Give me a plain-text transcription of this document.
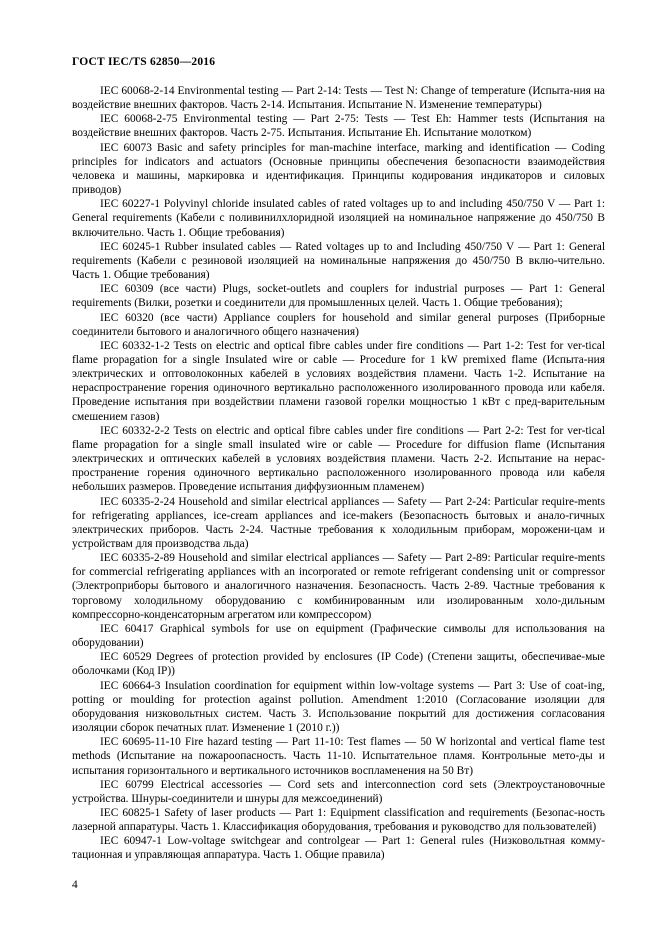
ГОСТ IEC/TS 62850—2016

IEC 60068-2-14 Environmental testing — Part 2-14: Tests — Test N: Change of temperature (Испыта-ния на воздействие внешних факторов. Часть 2-14. Испытания. Испытание N. Изменение температуры)

IEC 60068-2-75 Environmental testing — Part 2-75: Tests — Test Eh: Hammer tests (Испытания на воздействие внешних факторов. Часть 2-75. Испытания. Испытание Eh. Испытание молотком)

IEC 60073 Basic and safety principles for man-machine interface, marking and identification — Coding principles for indicators and actuators (Основные принципы обеспечения безопасности взаимодействия человека и машины, маркировка и идентификация. Принципы кодирования индикаторов и силовых приводов)

IEC 60227-1 Polyvinyl chloride insulated cables of rated voltages up to and including 450/750 V — Part 1: General requirements (Кабели с поливинилхлоридной изоляцией на номинальное напряжение до 450/750 В включительно. Часть 1. Общие требования)

IEC 60245-1 Rubber insulated cables — Rated voltages up to and Including 450/750 V — Part 1: General requirements (Кабели с резиновой изоляцией на номинальные напряжения до 450/750 В вклю-чительно. Часть 1. Общие требования)

IEC 60309 (все части) Plugs, socket-outlets and couplers for industrial purposes — Part 1: General requirements (Вилки, розетки и соединители для промышленных целей. Часть 1. Общие требования);

IEC 60320 (все части) Appliance couplers for household and similar general purposes (Приборные соединители бытового и аналогичного общего назначения)

IEC 60332-1-2 Tests on electric and optical fibre cables under fire conditions — Part 1-2: Test for ver-tical flame propagation for a single Insulated wire or cable — Procedure for 1 kW premixed flame (Испыта-ния электрических и оптоволоконных кабелей в условиях воздействия пламени. Часть 1-2. Испытание на нераспространение горения одиночного вертикально расположенного изолированного провода или кабеля. Проведение испытания при воздействии пламени газовой горелки мощностью 1 кВт с пред-варительным смешением газов)

IEC 60332-2-2 Tests on electric and optical fibre cables under fire conditions — Part 2-2: Test for ver-tical flame propagation for a single small insulated wire or cable — Procedure for diffusion flame (Испытания электрических и оптических кабелей в условиях воздействия пламени. Часть 2-2. Испытание на нерас-пространение горения одиночного вертикально расположенного изолированного провода или кабеля небольших размеров. Проведение испытания диффузионным пламенем)

IEC 60335-2-24 Household and similar electrical appliances — Safety — Part 2-24: Particular require-ments for refrigerating appliances, ice-cream appliances and ice-makers (Безопасность бытовых и анало-гичных электрических приборов. Часть 2-24. Частные требования к холодильным приборам, морожени-цам и устройствам для производства льда)

IEC 60335-2-89 Household and similar electrical appliances — Safety — Part 2-89: Particular require-ments for commercial refrigerating appliances with an incorporated or remote refrigerant condensing unit or compressor (Электроприборы бытового и аналогичного назначения. Безопасность. Часть 2-89. Частные требования к торговому холодильному оборудованию с комбинированным или изолированным холо-дильным компрессорно-конденсаторным агрегатом или компрессором)

IEC 60417 Graphical symbols for use on equipment (Графические символы для использования на оборудовании)

IEC 60529 Degrees of protection provided by enclosures (IP Code) (Степени защиты, обеспечивае-мые оболочками (Код IP))

IEC 60664-3 Insulation coordination for equipment within low-voltage systems — Part 3: Use of coat-ing, potting or moulding for protection against pollution. Amendment 1:2010 (Согласование изоляции для оборудования низковольтных систем. Часть 3. Использование покрытий для достижения согласования изоляции сборок печатных плат. Изменение 1 (2010 г.))

IEC 60695-11-10 Fire hazard testing — Part 11-10: Test flames — 50 W horizontal and vertical flame test methods (Испытание на пожароопасность. Часть 11-10. Испытательное пламя. Контрольные мето-ды и испытания горизонтального и вертикального источников воспламенения на 50 Вт)

IEC 60799 Electrical accessories — Cord sets and interconnection cord sets (Электроустановочные устройства. Шнуры-соединители и шнуры для межсоединений)

IEC 60825-1 Safety of laser products — Part 1: Equipment classification and requirements (Безопас-ность лазерной аппаратуры. Часть 1. Классификация оборудования, требования и руководство для пользователей)

IEC 60947-1 Low-voltage switchgear and controlgear — Part 1: General rules (Низковольтная комму-тационная и управляющая аппаратура. Часть 1. Общие правила)

4
